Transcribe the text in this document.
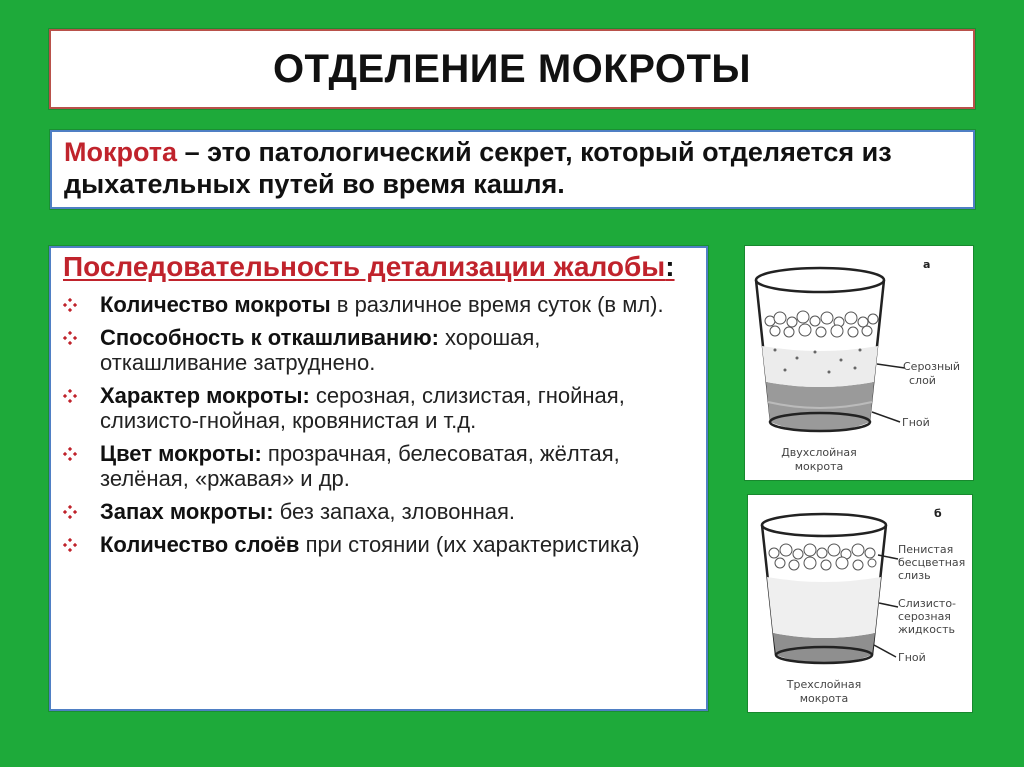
ОТДЕЛЕНИЕ МОКРОТЫ

Мокрота – это патологический секрет, который отделяется из дыхательных путей во время кашля.

Последовательность детализации жалобы:
Количество мокроты в различное время суток (в мл).
Способность к откашливанию: хорошая, откашливание затруднено.
Характер мокроты: серозная, слизистая, гнойная, слизисто-гнойная, кровянистая и т.д.
Цвет мокроты: прозрачная, белесоватая, жёлтая, зелёная, «ржавая» и др.
Запах мокроты: без запаха, зловонная.
Количество слоёв при стоянии (их характеристика)
а
Серозный
слой
Гной
Двухслойная
мокрота
б
Пенистая
бесцветная
слизь
Слизисто-
серозная
жидкость
Гной
Трехслойная
мокрота
